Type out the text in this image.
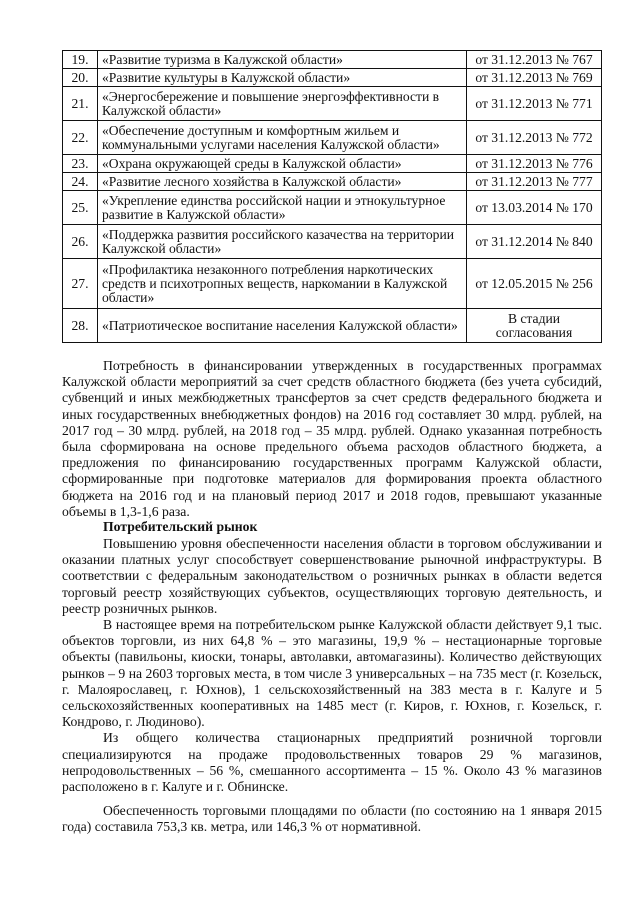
19.	«Развитие туризма в Калужской области»	от 31.12.2013 № 767
20.	«Развитие культуры в Калужской области»	от 31.12.2013 № 769
21.	«Энергосбережение и повышение энергоэффективности в Калужской области»	от 31.12.2013 № 771
22.	«Обеспечение доступным и комфортным жильем и коммунальными услугами населения Калужской области»	от 31.12.2013 № 772
23.	«Охрана окружающей среды в Калужской области»	от 31.12.2013 № 776
24.	«Развитие лесного хозяйства в Калужской области»	от 31.12.2013 № 777
25.	«Укрепление единства российской нации и этнокультурное развитие в Калужской области»	от 13.03.2014 № 170
26.	«Поддержка развития российского казачества на территории Калужской области»	от 31.12.2014 № 840
27.	«Профилактика незаконного потребления наркотических средств и психотропных веществ, наркомании в Калужской области»	от 12.05.2015 № 256
28.	«Патриотическое воспитание населения Калужской области»	В стадии согласования

Потребность в финансировании утвержденных в государственных программах Калужской области мероприятий за счет средств областного бюджета (без учета субсидий, субвенций и иных межбюджетных трансфертов за счет средств федерального бюджета и иных государственных внебюджетных фондов) на 2016 год составляет 30 млрд. рублей, на 2017 год – 30 млрд. рублей, на 2018 год – 35 млрд. рублей. Однако указанная потребность была сформирована на основе предельного объема расходов областного бюджета, а предложения по финансированию государственных программ Калужской области, сформированные при подготовке материалов для формирования проекта областного бюджета на 2016 год и на плановый период 2017 и 2018 годов, превышают указанные объемы в 1,3-1,6 раза.

Потребительский рынок

Повышению уровня обеспеченности населения области в торговом обслуживании и оказании платных услуг способствует совершенствование рыночной инфраструктуры. В соответствии с федеральным законодательством о розничных рынках в области ведется торговый реестр хозяйствующих субъектов, осуществляющих торговую деятельность, и реестр розничных рынков.

В настоящее время на потребительском рынке Калужской области действует 9,1 тыс. объектов торговли, из них 64,8 % – это магазины, 19,9 % – нестационарные торговые объекты (павильоны, киоски, тонары, автолавки, автомагазины). Количество действующих рынков – 9 на 2603 торговых места, в том числе 3 универсальных – на 735 мест (г. Козельск, г. Малоярославец, г. Юхнов), 1 сельскохозяйственный на 383 места в г. Калуге и 5 сельскохозяйственных кооперативных на 1485 мест (г. Киров, г. Юхнов, г. Козельск, г. Кондрово, г. Людиново).

Из общего количества стационарных предприятий розничной торговли специализируются на продаже продовольственных товаров 29 % магазинов, непродовольственных – 56 %, смешанного ассортимента – 15 %. Около 43 % магазинов расположено в г. Калуге и г. Обнинске.

Обеспеченность торговыми площадями по области (по состоянию на 1 января 2015 года) составила 753,3 кв. метра, или 146,3 % от нормативной.
